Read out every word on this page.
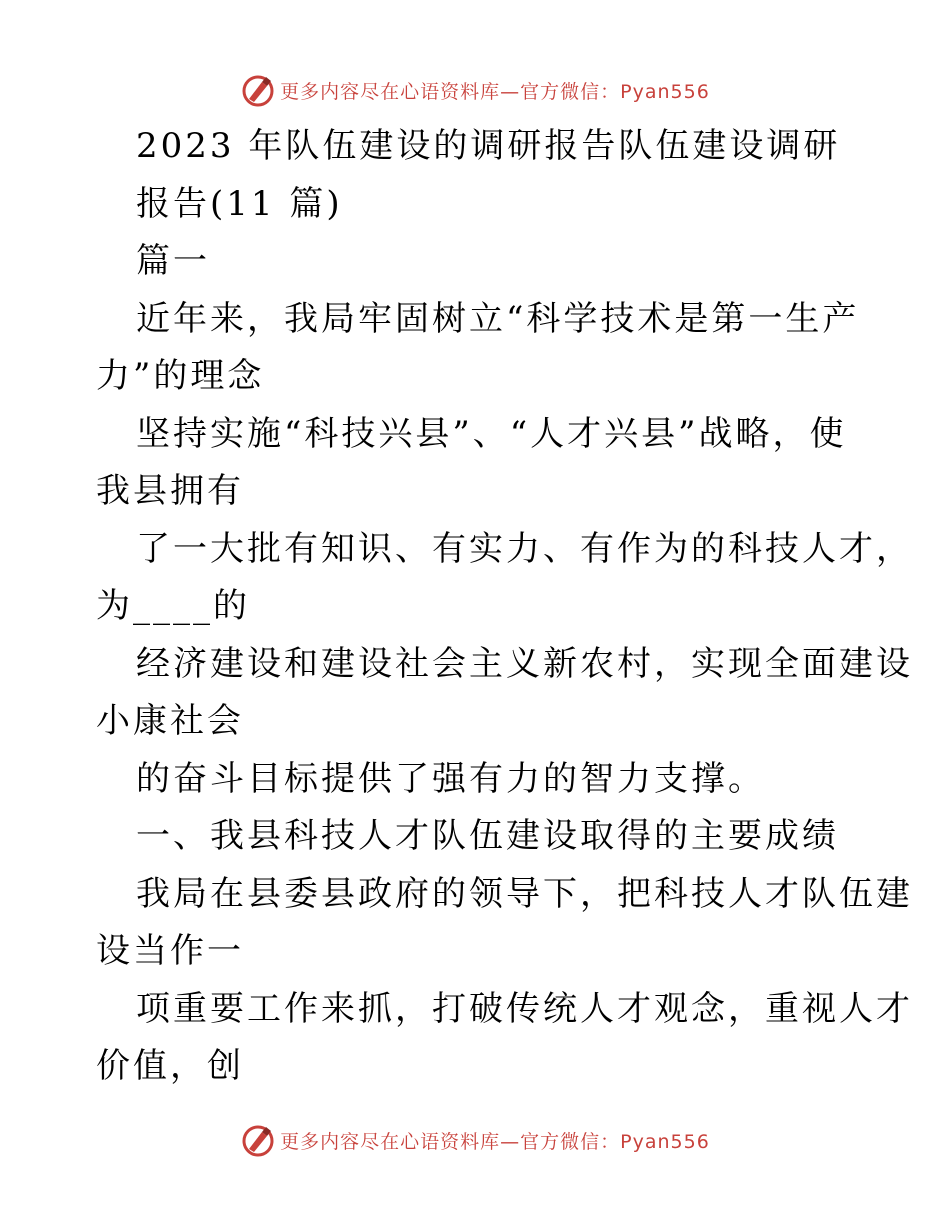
更多内容尽在心语资料库—官方微信：Pyan556
2023 年队伍建设的调研报告队伍建设调研
报告(11 篇)
篇一
近年来，我局牢固树立“科学技术是第一生产
力”的理念
坚持实施“科技兴县”、“人才兴县”战略，使
我县拥有
了一大批有知识、有实力、有作为的科技人才，
为____的
经济建设和建设社会主义新农村，实现全面建设
小康社会
的奋斗目标提供了强有力的智力支撑。
一、我县科技人才队伍建设取得的主要成绩
我局在县委县政府的领导下，把科技人才队伍建
设当作一
项重要工作来抓，打破传统人才观念，重视人才
价值，创
更多内容尽在心语资料库—官方微信：Pyan556
